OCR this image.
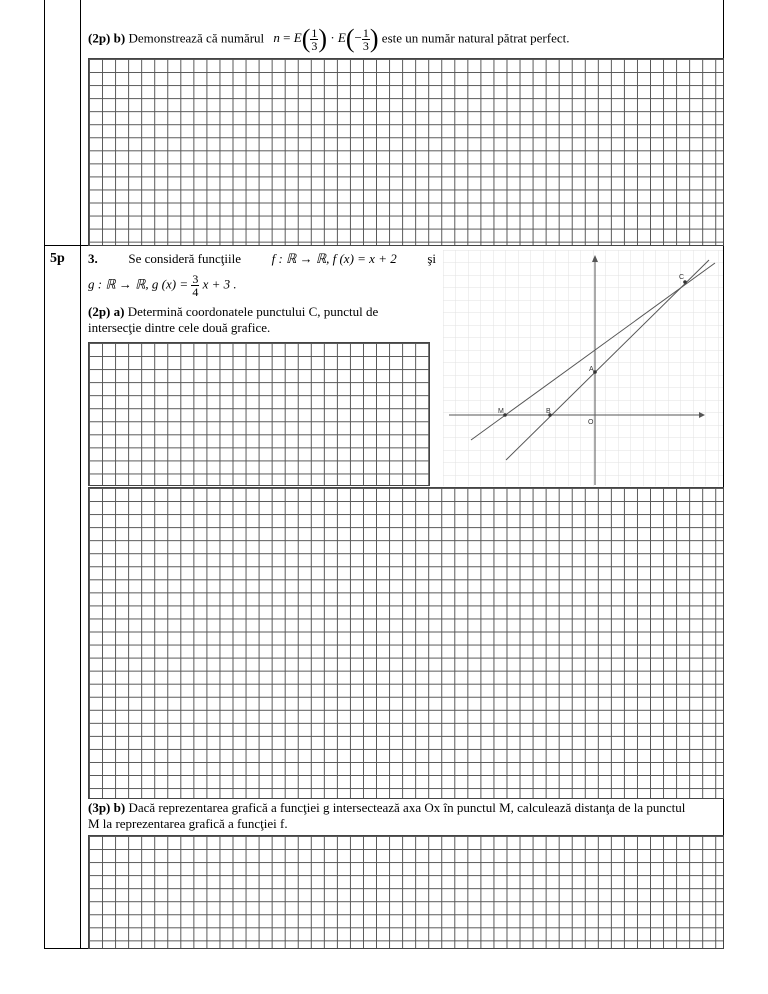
(2p) b) Demonstrează că numărul $n = E( \frac{1}{3}$ ) · $E(- \frac{1}{3}$ ) este un număr natural pătrat perfect.
5p 3. Se consideră funcţiile f : ℝ → ℝ, f (x) = x + 2 şi
g : ℝ → ℝ, g $(x) = \frac{3}{4}$ x + 3 .
(2p) a) Determină coordonatele punctului C, punctul de
intersecţie dintre cele două grafice.
M	B
A
O
C
(3p) b) Dacă reprezentarea grafică a funcţiei g intersectează axa Ox în punctul M, calculează distanţa de la punctul
M la reprezentarea grafică a funcţiei f.
